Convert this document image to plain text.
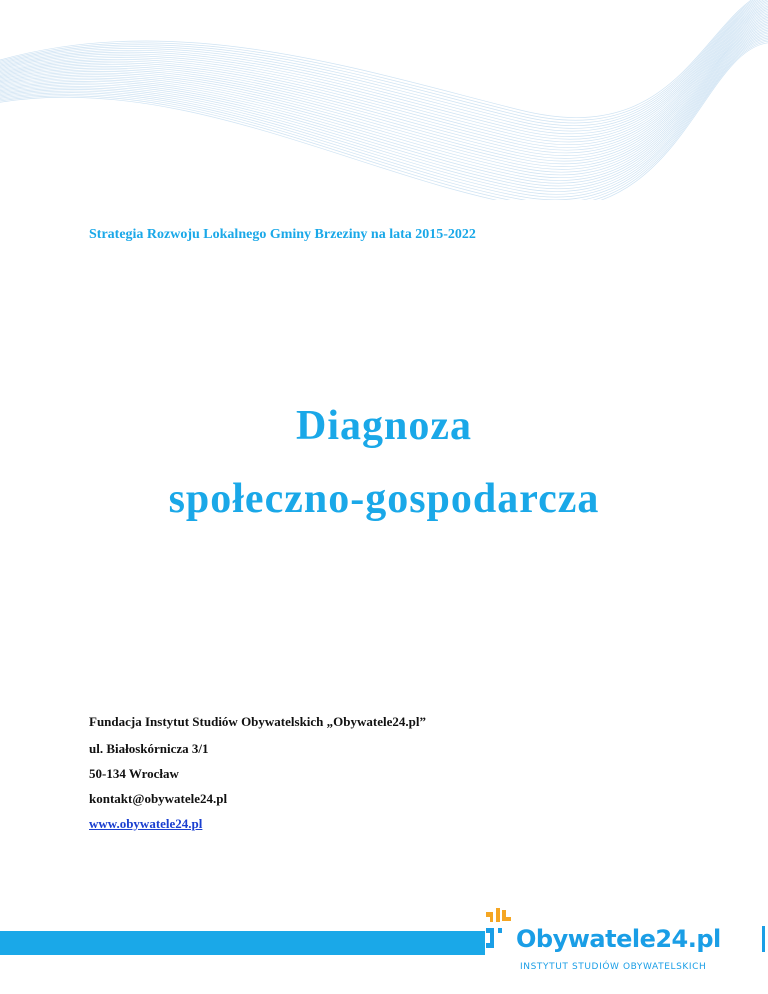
Strategia Rozwoju Lokalnego Gminy Brzeziny na lata 2015-2022
Diagnoza
społeczno-gospodarcza
Fundacja Instytut Studiów Obywatelskich „Obywatele24.pl”
ul. Białoskórnicza 3/1
50-134 Wrocław
kontakt@obywatele24.pl
www.obywatele24.pl
Obywatele24.pl
INSTYTUT STUDIÓW OBYWATELSKICH
